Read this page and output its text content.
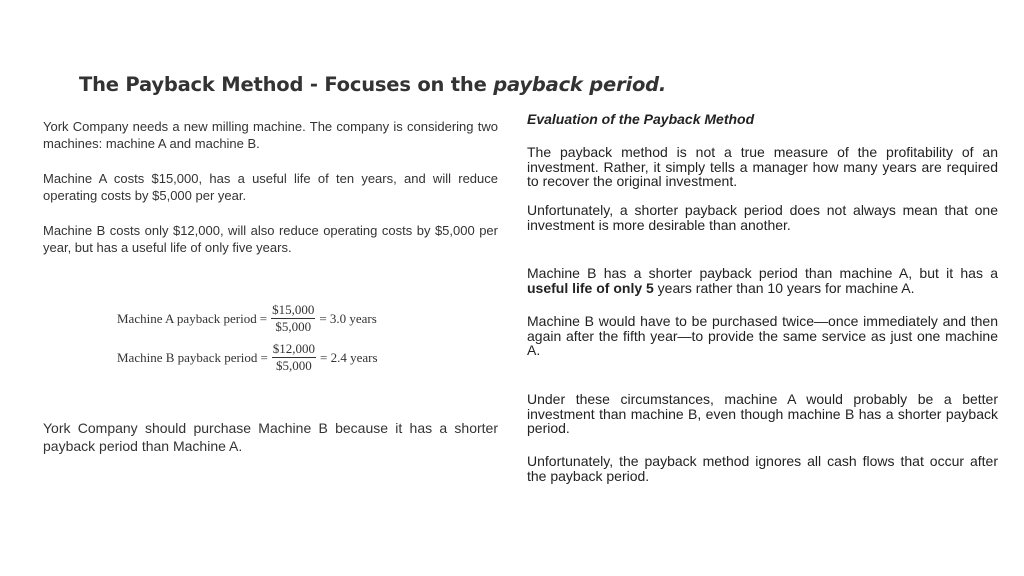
The Payback Method - Focuses on the payback period.

York Company needs a new milling machine. The company is considering two machines: machine A and machine B.

Machine A costs $15,000, has a useful life of ten years, and will reduce operating costs by $5,000 per year.

Machine B costs only $12,000, will also reduce operating costs by $5,000 per year, but has a useful life of only five years.

Machine A payback period = $\frac{\$15,000}{\$5,000} = 3.0$ years
Machine B payback period = $\frac{\$12,000}{\$5,000} = 2.4$ years

York Company should purchase Machine B because it has a shorter payback period than Machine A.

Evaluation of the Payback Method

The payback method is not a true measure of the profitability of an investment. Rather, it simply tells a manager how many years are required to recover the original investment.

Unfortunately, a shorter payback period does not always mean that one investment is more desirable than another.

Machine B has a shorter payback period than machine A, but it has a useful life of only 5 years rather than 10 years for machine A.

Machine B would have to be purchased twice—once immediately and then again after the fifth year—to provide the same service as just one machine A.

Under these circumstances, machine A would probably be a better investment than machine B, even though machine B has a shorter payback period.

Unfortunately, the payback method ignores all cash flows that occur after the payback period.
